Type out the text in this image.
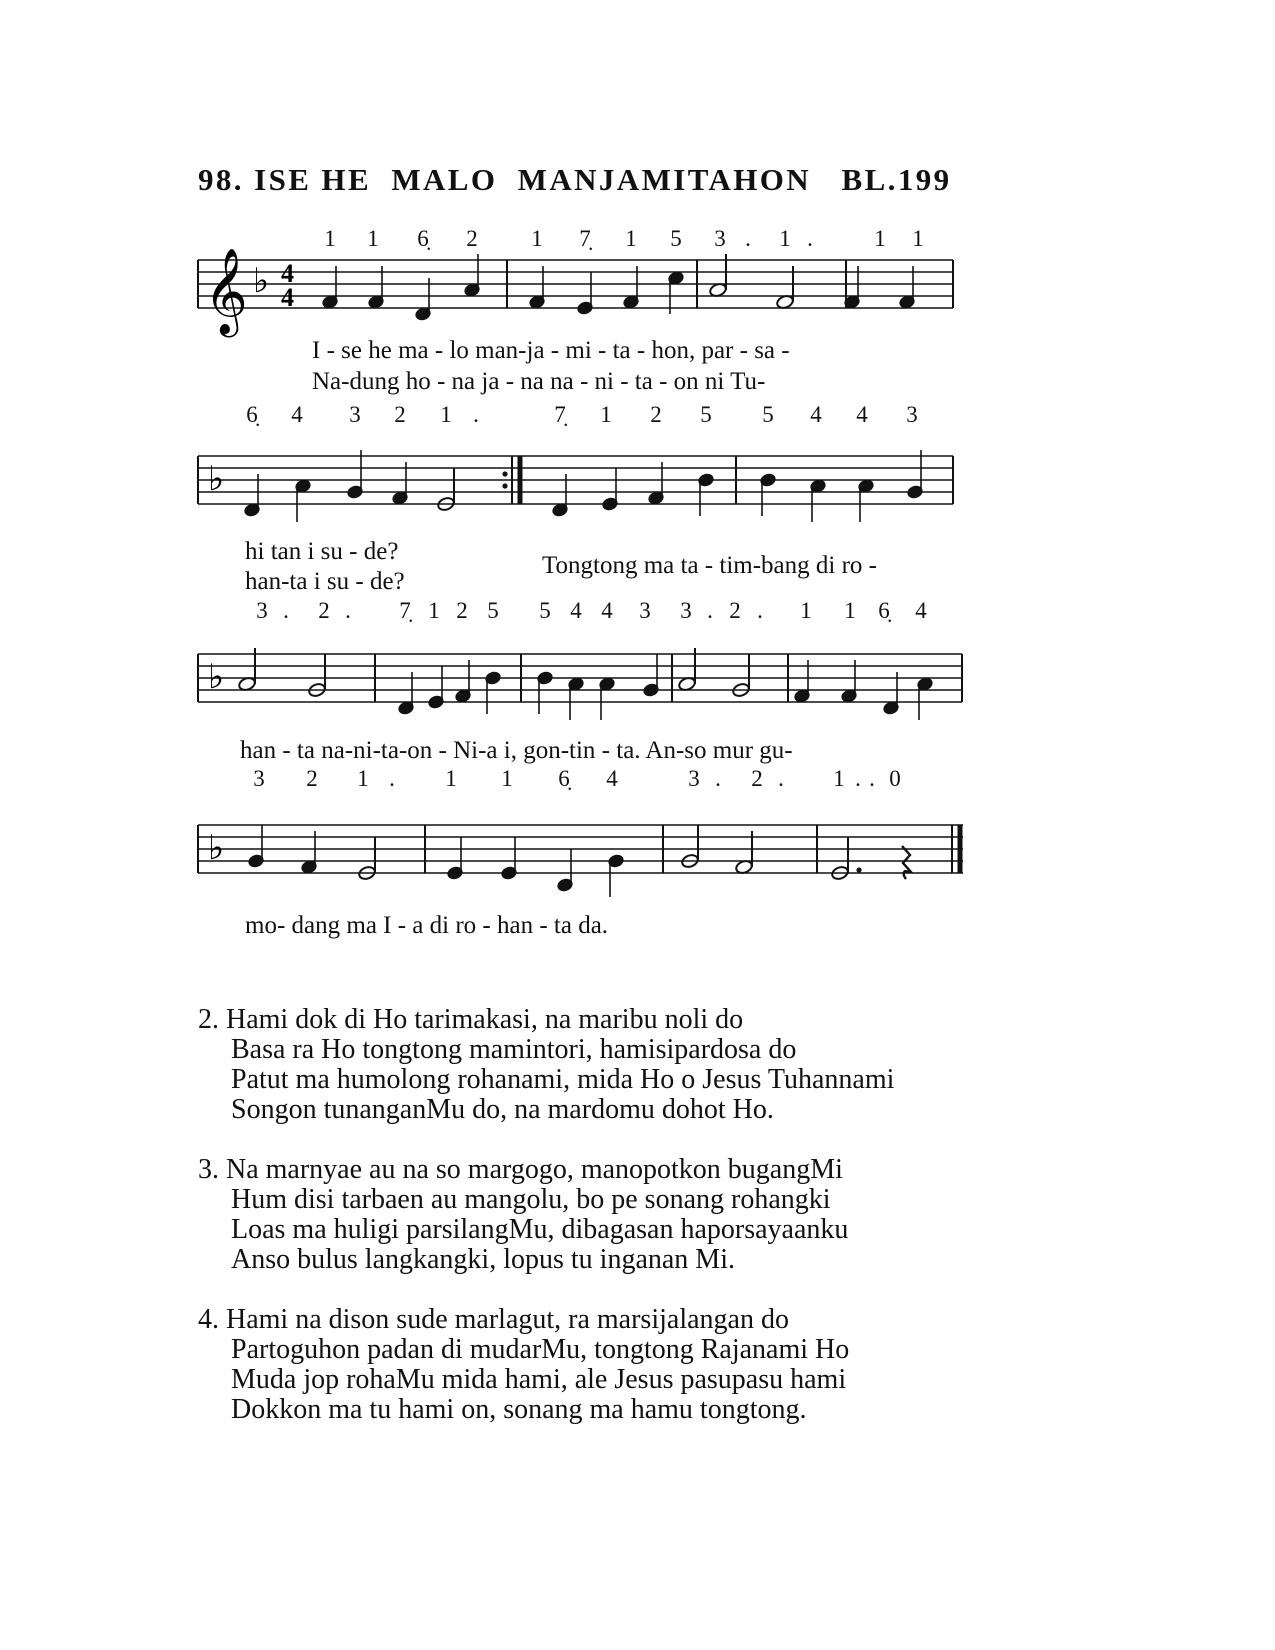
98. ISE HE  MALO  MANJAMITAHON   BL.199
1 1 6̣ 2 1 7̣ 1 5 3 . 1 .	1 1
𝄞 ♭ 4
4
I - se he ma - lo man-ja - mi - ta - hon, par - sa -
Na-dung ho - na ja - na na - ni - ta - on ni Tu-
6̣ 4 3 2 1 .	7̣ 1 2 5 5 4 4 3
♭
hi tan i su - de?
han-ta i su - de?
Tongtong ma ta - tim-bang di ro -
3 . 2 . 7̣ 1 2 5 5 4 4 3 3 . 2 . 1 1 6̣ 4
♭
han - ta na-ni-ta-on - Ni-a i, gon-tin - ta. An-so mur gu-
3 2 1 . 1 1 6̣ 4	3 . 2 . 1 . . 0
♭
mo- dang ma I - a di ro - han - ta da.
2. Hami dok di Ho tarimakasi, na maribu noli do
Basa ra Ho tongtong mamintori, hamisipardosa do
Patut ma humolong rohanami, mida Ho o Jesus Tuhannami
Songon tunanganMu do, na mardomu dohot Ho.
3. Na marnyae au na so margogo, manopotkon bugangMi
Hum disi tarbaen au mangolu, bo pe sonang rohangki
Loas ma huligi parsilangMu, dibagasan haporsayaanku
Anso bulus langkangki, lopus tu inganan Mi.
4. Hami na dison sude marlagut, ra marsijalangan do
Partoguhon padan di mudarMu, tongtong Rajanami Ho
Muda jop rohaMu mida hami, ale Jesus pasupasu hami
Dokkon ma tu hami on, sonang ma hamu tongtong.
